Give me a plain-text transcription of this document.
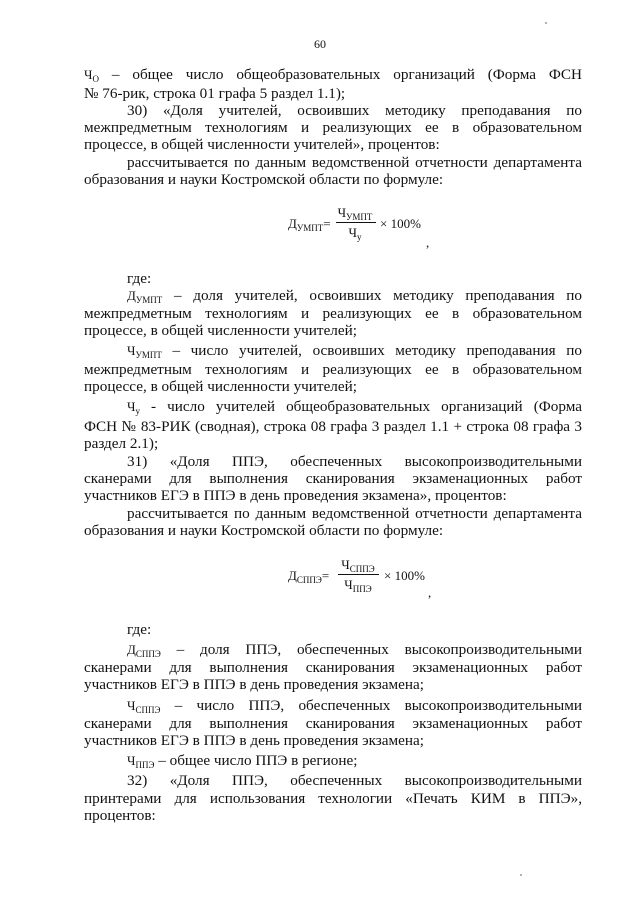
60
$Ч_О$ – общее число общеобразовательных организаций (Форма ФСН
№ 76-рик, строка 01 графа 5 раздел 1.1);
30) «Доля учителей, освоивших методику преподавания по
межпредметным технологиям и реализующих ее в образовательном
процессе, в общей численности учителей», процентов:
рассчитывается по данным ведомственной отчетности департамента
образования и науки Костромской области по формуле:
$Д_{УМПТ}=$
$Ч_{УМПТ}$
$Ч_у$
× 100%
,
где:
$Д_{УМПТ}$ – доля учителей, освоивших методику преподавания по
межпредметным технологиям и реализующих ее в образовательном
процессе, в общей численности учителей;
$Ч_{УМПТ}$ – число учителей, освоивших методику преподавания по
межпредметным технологиям и реализующих ее в образовательном
процессе, в общей численности учителей;
$Ч_у$ - число учителей общеобразовательных организаций (Форма
ФСН № 83-РИК (сводная), строка 08 графа 3 раздел 1.1 + строка 08 графа 3
раздел 2.1);
31) «Доля ППЭ, обеспеченных высокопроизводительными
сканерами для выполнения сканирования экзаменационных работ
участников ЕГЭ в ППЭ в день проведения экзамена», процентов:
рассчитывается по данным ведомственной отчетности департамента
образования и науки Костромской области по формуле:
$Д_{СППЭ}=$
$Ч_{СППЭ}$
$Ч_{ППЭ}$
× 100%
,
где:
$Д_{СППЭ}$ – доля ППЭ, обеспеченных высокопроизводительными
сканерами для выполнения сканирования экзаменационных работ
участников ЕГЭ в ППЭ в день проведения экзамена;
$Ч_{СППЭ}$ – число ППЭ, обеспеченных высокопроизводительными
сканерами для выполнения сканирования экзаменационных работ
участников ЕГЭ в ППЭ в день проведения экзамена;
$Ч_{ППЭ}$ – общее число ППЭ в регионе;
32) «Доля ППЭ, обеспеченных высокопроизводительными
принтерами для использования технологии «Печать КИМ в ППЭ»,
процентов:
